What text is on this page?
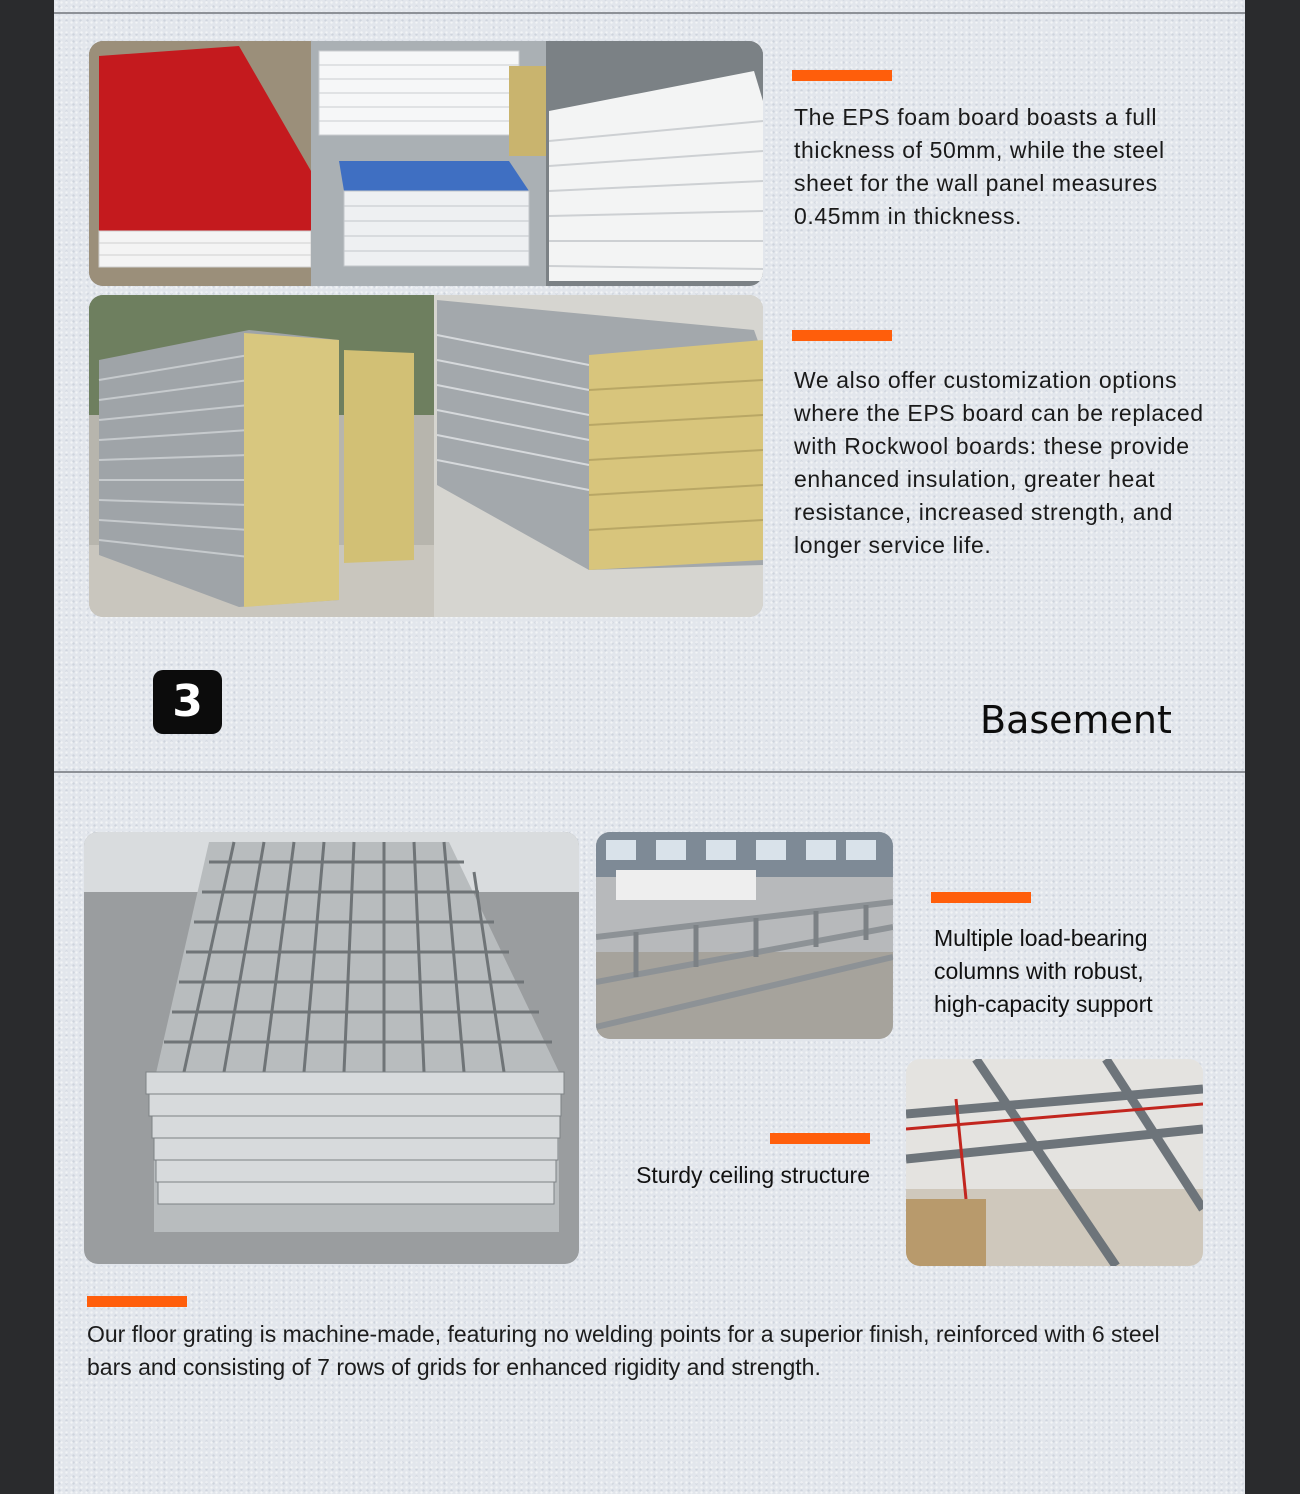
The EPS foam board boasts a full thickness of 50mm, while the steel sheet for the wall panel measures 0.45mm in thickness.

We also offer customization options where the EPS board can be replaced with Rockwool boards: these provide enhanced insulation, greater heat resistance, increased strength, and longer service life.

3	Basement

Multiple load-bearing columns with robust, high-capacity support

Sturdy ceiling structure

Our floor grating is machine-made, featuring no welding points for a superior finish, reinforced with 6 steel bars and consisting of 7 rows of grids for enhanced rigidity and strength.
